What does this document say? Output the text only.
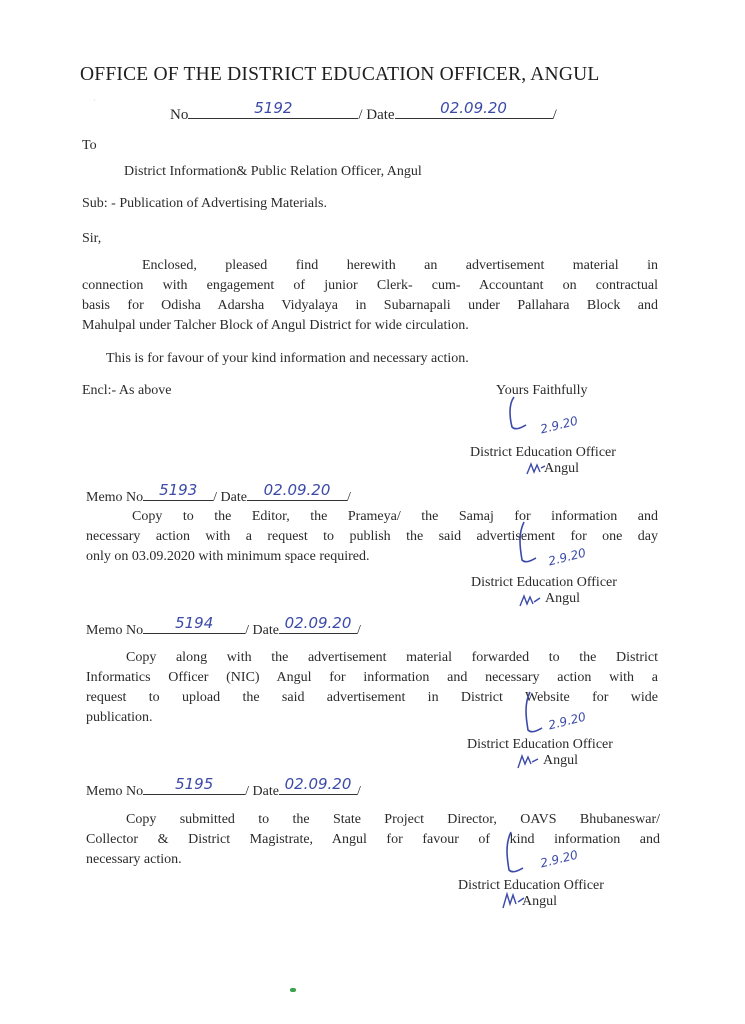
·
OFFICE OF THE DISTRICT EDUCATION OFFICER, ANGUL
No	5192	/ Date	02.09.20	/
To
District Information& Public Relation Officer, Angul
Sub: - Publication of Advertising Materials.
Sir,
Enclosed, pleased find herewith an advertisement material in
connection with engagement of junior Clerk- cum- Accountant on contractual
basis for Odisha Adarsha Vidyalaya in Subarnapali under Pallahara Block and
Mahulpal under Talcher Block of Angul District for wide circulation.
This is for favour of your kind information and necessary action.
Encl:- As above	Yours Faithfully
2.9.20
District Education Officer
Angul
Memo No	5193	/ Date	02.09.20	/
Copy to the Editor, the Prameya/ the Samaj for information and
necessary action with a request to publish the said advertisement for one day
only on 03.09.2020 with minimum space required.	2.9.20
District Education Officer
Angul
Memo No	5194	/ Date 02.09.20 /
Copy along with the advertisement material forwarded to the District
Informatics Officer (NIC) Angul for information and necessary action with a
request to upload the said advertisement in District Website for wide
publication.	2.9.20
District Education Officer
Angul
Memo No	5195	/ Date 02.09.20 /
Copy submitted to the State Project Director, OAVS Bhubaneswar/
Collector & District Magistrate, Angul for favour of kind information and
necessary action.	2.9.20
District Education Officer
Angul
